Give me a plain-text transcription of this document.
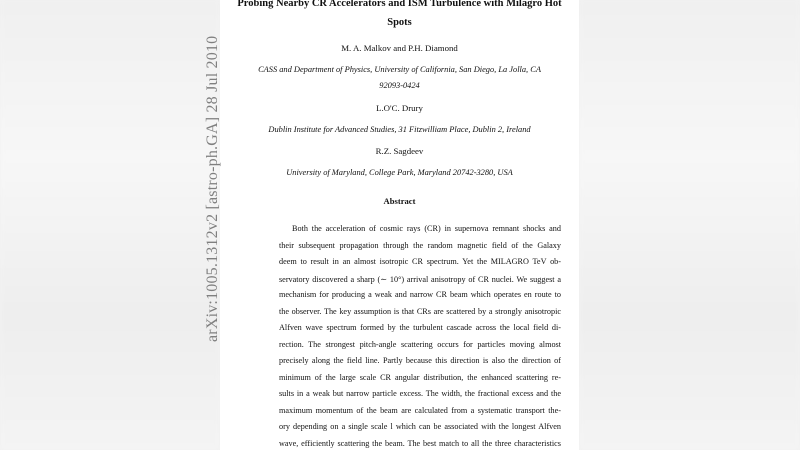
Probing Nearby CR Accelerators and ISM Turbulence with Milagro Hot

Spots

M. A. Malkov and P.H. Diamond

CASS and Department of Physics, University of California, San Diego, La Jolla, CA

92093-0424

L.O'C. Drury

Dublin Institute for Advanced Studies, 31 Fitzwilliam Place, Dublin 2, Ireland

R.Z. Sagdeev

University of Maryland, College Park, Maryland 20742-3280, USA

Abstract

Both the acceleration of cosmic rays (CR) in supernova remnant shocks and

their subsequent propagation through the random magnetic field of the Galaxy

deem to result in an almost isotropic CR spectrum. Yet the MILAGRO TeV ob-

servatory discovered a sharp (∼ 10°) arrival anisotropy of CR nuclei. We suggest a

mechanism for producing a weak and narrow CR beam which operates en route to

the observer. The key assumption is that CRs are scattered by a strongly anisotropic

Alfven wave spectrum formed by the turbulent cascade across the local field di-

rection. The strongest pitch-angle scattering occurs for particles moving almost

precisely along the field line. Partly because this direction is also the direction of

minimum of the large scale CR angular distribution, the enhanced scattering re-

sults in a weak but narrow particle excess. The width, the fractional excess and the

maximum momentum of the beam are calculated from a systematic transport the-

ory depending on a single scale l which can be associated with the longest Alfven

wave, efficiently scattering the beam. The best match to all the three characteristics

arXiv:1005.1312v2 [astro-ph.GA] 28 Jul 2010
